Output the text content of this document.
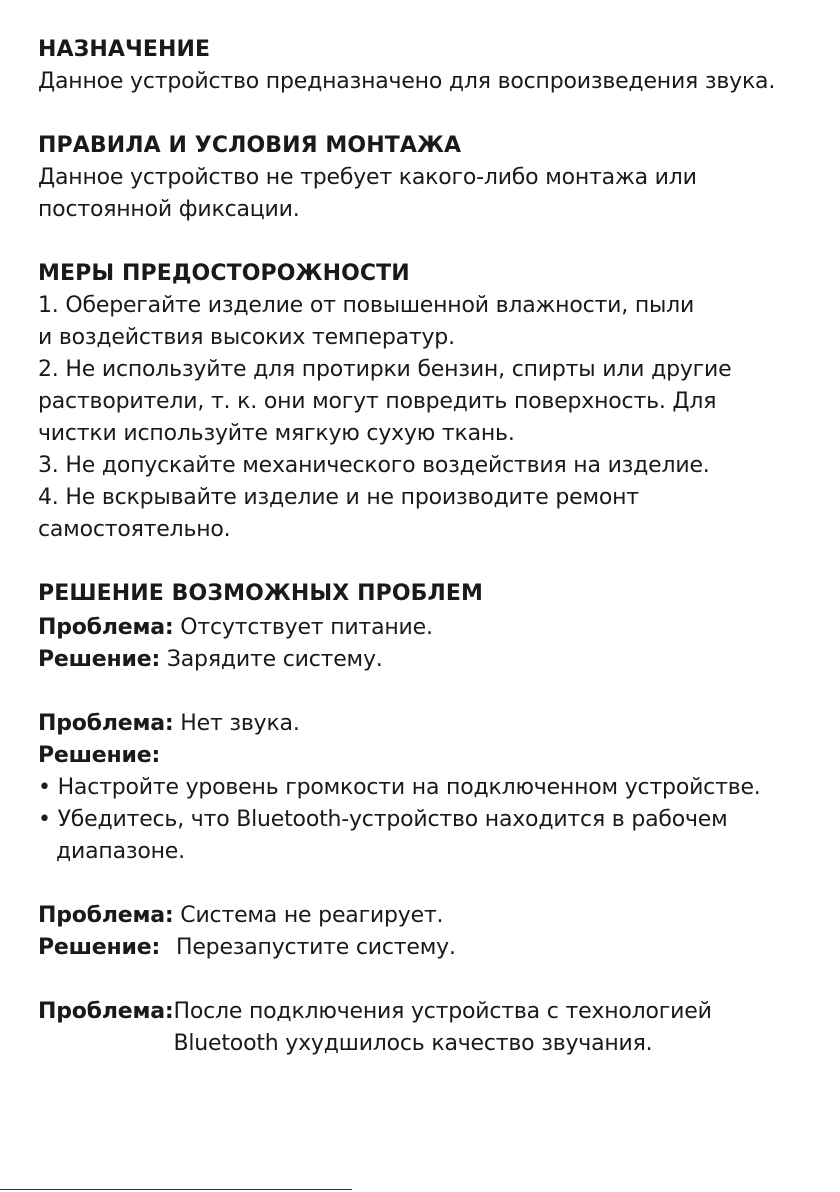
НАЗНАЧЕНИЕ

Данное устройство предназначено для воспроизведения звука.

ПРАВИЛА И УСЛОВИЯ МОНТАЖА

Данное устройство не требует какого-либо монтажа или

постоянной фиксации.

МЕРЫ ПРЕДОСТОРОЖНОСТИ

1. Оберегайте изделие от повышенной влажности, пыли

и воздействия высоких температур.

2. Не используйте для протирки бензин, спирты или другие

растворители, т. к. они могут повредить поверхность. Для

чистки используйте мягкую сухую ткань.

3. Не допускайте механического воздействия на изделие.

4. Не вскрывайте изделие и не производите ремонт

самостоятельно.

РЕШЕНИЕ ВОЗМОЖНЫХ ПРОБЛЕМ

Проблема: Отсутствует питание.

Решение: Зарядите систему.

Проблема: Нет звука.

Решение:

• Настройте уровень громкости на подключенном устройстве.

• Убедитесь, что Bluetooth-устройство находится в рабочем диапазоне.

Проблема: Система не реагирует.

Решение: Перезапустите систему.
Проблема: После подключения устройства с технологией
Bluetooth ухудшилось качество звучания.
